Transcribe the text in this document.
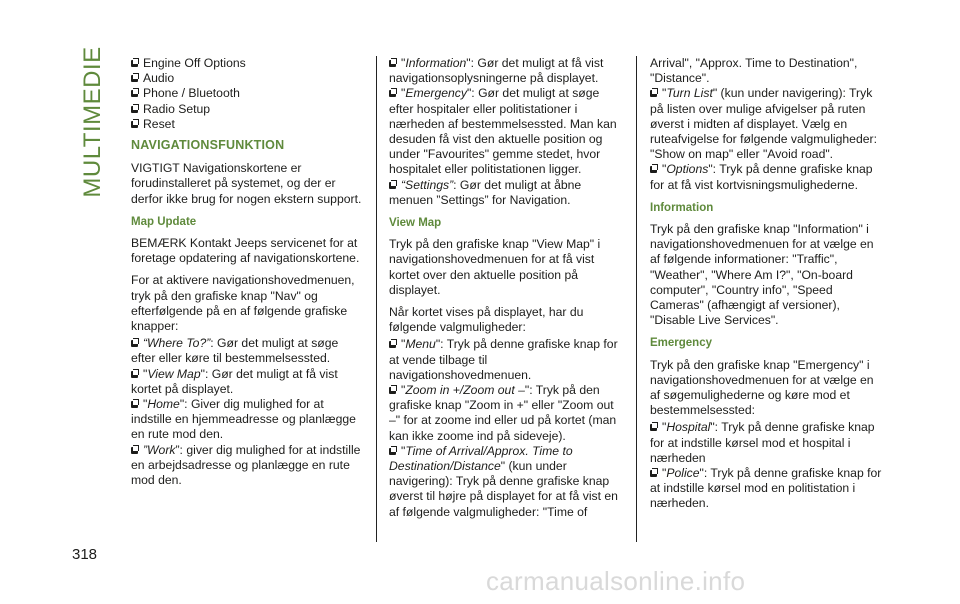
MULTIMEDIE	Engine Off Options
Audio
Phone / Bluetooth
Radio Setup
Reset
NAVIGATIONSFUNKTION

VIGTIGT Navigationskortene er forudinstalleret på systemet, og der er derfor ikke brug for nogen ekstern support.

Map Update

BEMÆRK Kontakt Jeeps servicenet for at foretage opdatering af navigationskortene.

For at aktivere navigationshovedmenuen, tryk på den grafiske knap "Nav" og efterfølgende på en af følgende grafiske knapper:

“Where To?”: Gør det muligt at søge efter eller køre til bestemmelsessted.
"View Map": Gør det muligt at få vist kortet på displayet.
"Home": Giver dig mulighed for at indstille en hjemmeadresse og planlægge en rute mod den.
”Work”: giver dig mulighed for at indstille en arbejdsadresse og planlægge en rute mod den.
"Information": Gør det muligt at få vist navigationsoplysningerne på displayet.
"Emergency": Gør det muligt at søge efter hospitaler eller politistationer i nærheden af bestemmelsessted. Man kan desuden få vist den aktuelle position og under "Favourites" gemme stedet, hvor hospitalet eller politistationen ligger.
“Settings”: Gør det muligt at åbne menuen ”Settings” for Navigation.
View Map

Tryk på den grafiske knap "View Map" i navigationshovedmenuen for at få vist kortet over den aktuelle position på displayet.

Når kortet vises på displayet, har du følgende valgmuligheder:

"Menu": Tryk på denne grafiske knap for at vende tilbage til navigationshovedmenuen.
"Zoom in +/Zoom out –": Tryk på den grafiske knap "Zoom in +" eller "Zoom out –" for at zoome ind eller ud på kortet (man kan ikke zoome ind på sideveje).
"Time of Arrival/Approx. Time to Destination/Distance" (kun under navigering): Tryk på denne grafiske knap øverst til højre på displayet for at få vist en af følgende valgmuligheder: "Time of
Arrival", "Approx. Time to Destination", "Distance".
"Turn List" (kun under navigering): Tryk på listen over mulige afvigelser på ruten øverst i midten af displayet. Vælg en ruteafvigelse for følgende valgmuligheder: "Show on map" eller "Avoid road".
"Options": Tryk på denne grafiske knap for at få vist kortvisningsmulighederne.
Information

Tryk på den grafiske knap "Information" i navigationshovedmenuen for at vælge en af følgende informationer: "Traffic", "Weather", "Where Am I?", "On-board computer", "Country info", "Speed Cameras" (afhængigt af versioner), "Disable Live Services".

Emergency

Tryk på den grafiske knap "Emergency" i navigationshovedmenuen for at vælge en af søgemulighederne og køre mod et bestemmelsessted:

"Hospital": Tryk på denne grafiske knap for at indstille kørsel mod et hospital i nærheden
"Police": Tryk på denne grafiske knap for at indstille kørsel mod en politistation i nærheden.
318
carmanualsonline.info
